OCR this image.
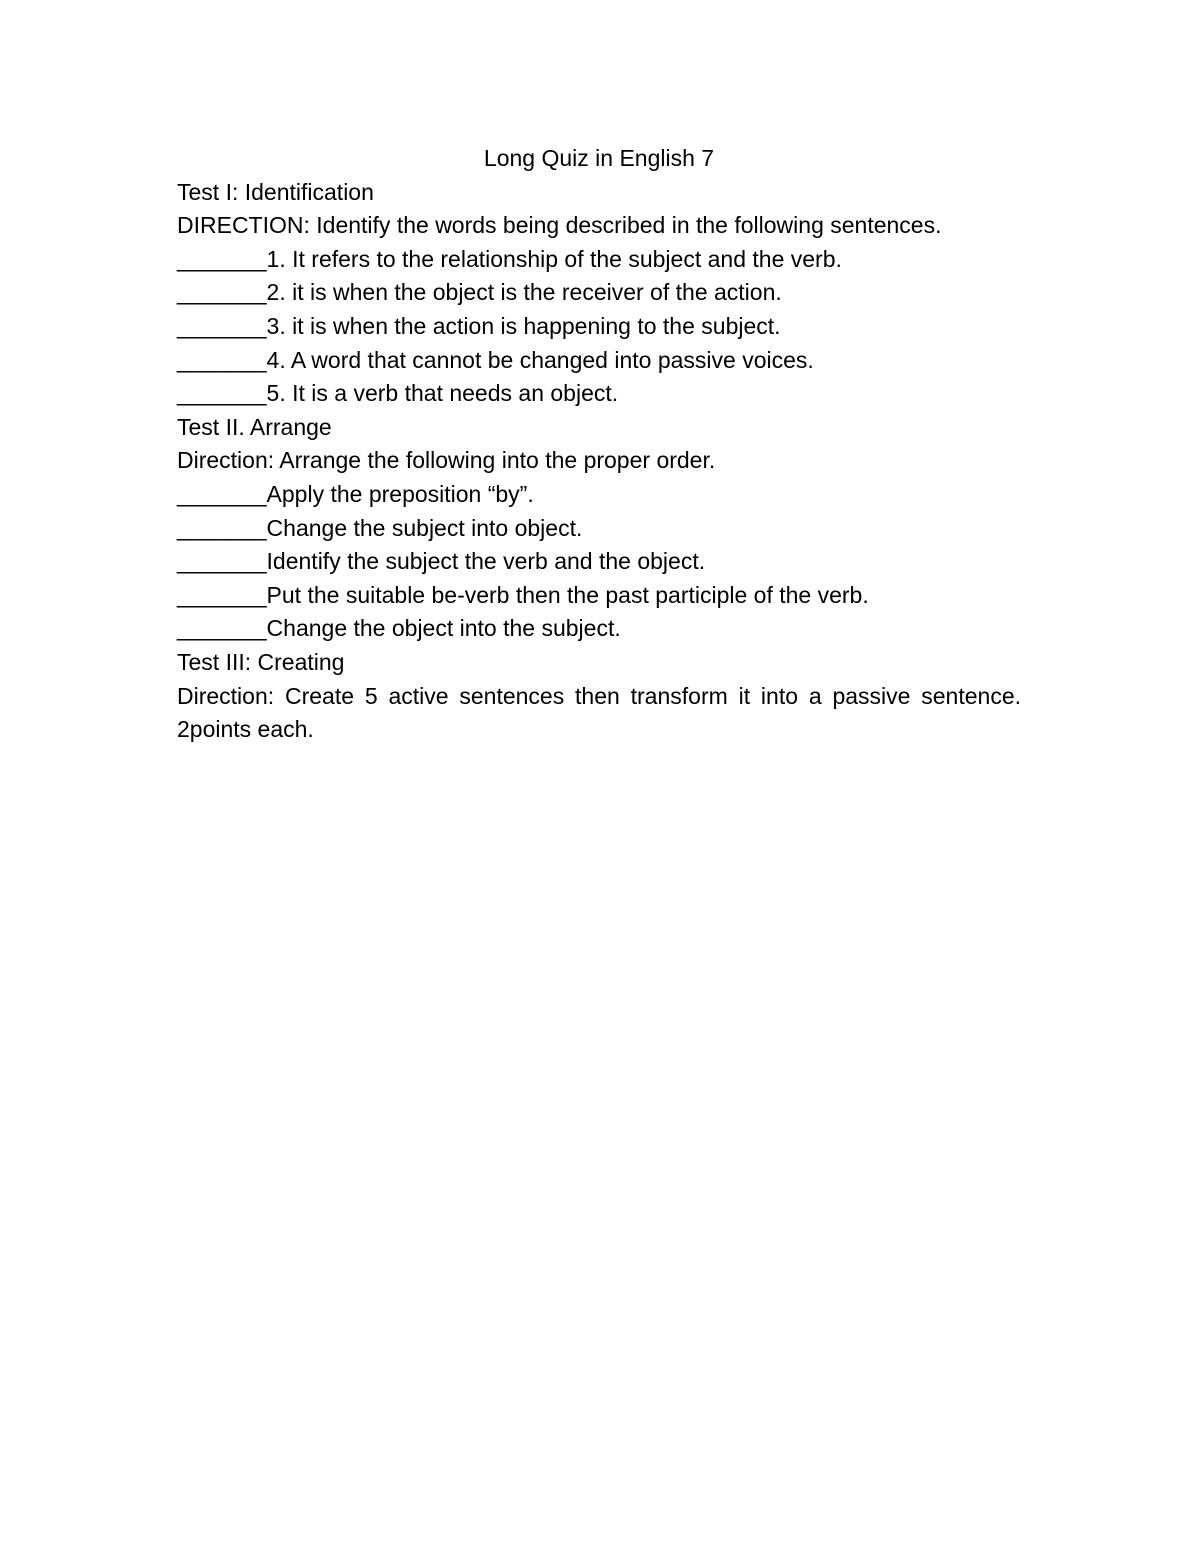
Long Quiz in English 7

Test I: Identification

DIRECTION: Identify the words being described in the following sentences.

_______1. It refers to the relationship of the subject and the verb.

_______2. it is when the object is the receiver of the action.

_______3. it is when the action is happening to the subject.

_______4. A word that cannot be changed into passive voices.

_______5. It is a verb that needs an object.

Test II. Arrange

Direction: Arrange the following into the proper order.

_______Apply the preposition “by”.

_______Change the subject into object.

_______Identify the subject the verb and the object.

_______Put the suitable be-verb then the past participle of the verb.

_______Change the object into the subject.

Test III: Creating

Direction: Create 5 active sentences then transform it into a passive sentence. 2points each.
